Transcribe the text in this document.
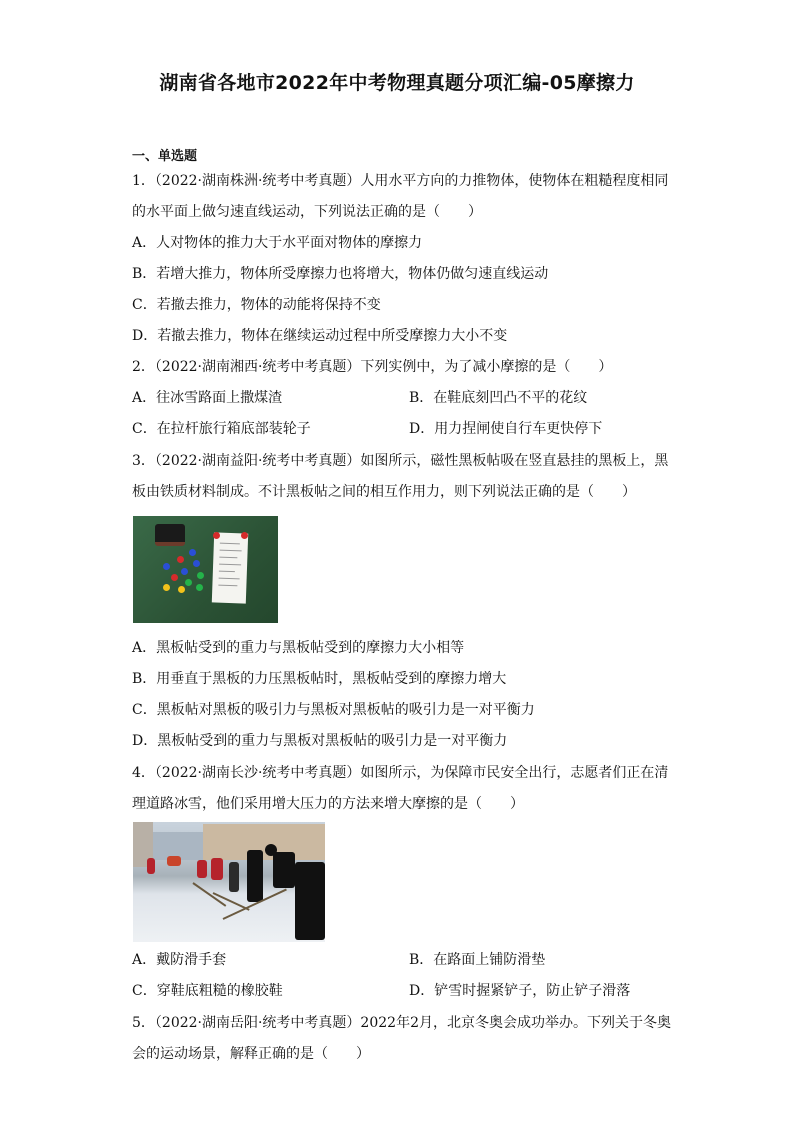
湖南省各地市2022年中考物理真题分项汇编-05摩擦力
一、单选题
1．（2022·湖南株洲·统考中考真题）人用水平方向的力推物体，使物体在粗糙程度相同
的水平面上做匀速直线运动，下列说法正确的是（　　）
A．人对物体的推力大于水平面对物体的摩擦力
B．若增大推力，物体所受摩擦力也将增大，物体仍做匀速直线运动
C．若撤去推力，物体的动能将保持不变
D．若撤去推力，物体在继续运动过程中所受摩擦力大小不变
2．（2022·湖南湘西·统考中考真题）下列实例中，为了减小摩擦的是（　　）
A．往冰雪路面上撒煤渣	B．在鞋底刻凹凸不平的花纹
C．在拉杆旅行箱底部装轮子	D．用力捏闸使自行车更快停下
3．（2022·湖南益阳·统考中考真题）如图所示，磁性黑板帖吸在竖直悬挂的黑板上，黑
板由铁质材料制成。不计黑板帖之间的相互作用力，则下列说法正确的是（　　）
A．黑板帖受到的重力与黑板帖受到的摩擦力大小相等
B．用垂直于黑板的力压黑板帖时，黑板帖受到的摩擦力增大
C．黑板帖对黑板的吸引力与黑板对黑板帖的吸引力是一对平衡力
D．黑板帖受到的重力与黑板对黑板帖的吸引力是一对平衡力
4．（2022·湖南长沙·统考中考真题）如图所示，为保障市民安全出行，志愿者们正在清
理道路冰雪，他们采用增大压力的方法来增大摩擦的是（　　）
A．戴防滑手套	B．在路面上铺防滑垫
C．穿鞋底粗糙的橡胶鞋	D．铲雪时握紧铲子，防止铲子滑落
5．（2022·湖南岳阳·统考中考真题）2022年2月，北京冬奥会成功举办。下列关于冬奥
会的运动场景，解释正确的是（　　）
